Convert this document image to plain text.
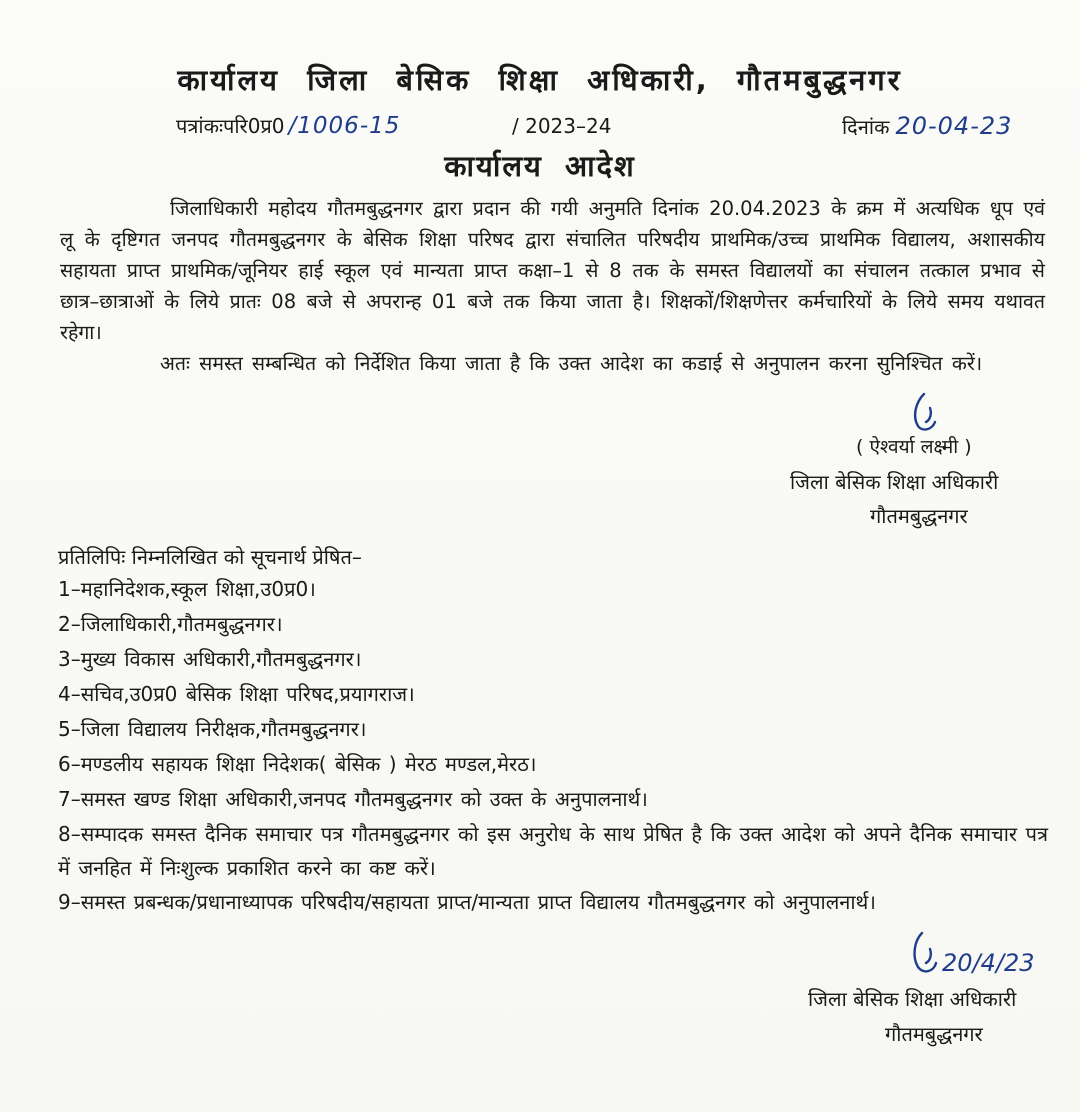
कार्यालय जिला बेसिक शिक्षा अधिकारी, गौतमबुद्धनगर
पत्रांकःपरि0प्र0 /1006-15	/ 2023–24	दिनांक 20-04-23
कार्यालय आदेश

जिलाधिकारी महोदय गौतमबुद्धनगर द्वारा प्रदान की गयी अनुमति दिनांक 20.04.2023 के क्रम में अत्यधिक धूप एवं लू के दृष्टिगत जनपद गौतमबुद्धनगर के बेसिक शिक्षा परिषद द्वारा संचालित परिषदीय प्राथमिक/उच्च प्राथमिक विद्यालय, अशासकीय सहायता प्राप्त प्राथमिक/जूनियर हाई स्कूल एवं मान्यता प्राप्त कक्षा–1 से 8 तक के समस्त विद्यालयों का संचालन तत्काल प्रभाव से छात्र–छात्राओं के लिये प्रातः 08 बजे से अपरान्ह 01 बजे तक किया जाता है। शिक्षकों/शिक्षणेत्तर कर्मचारियों के लिये समय यथावत रहेगा।

अतः समस्त सम्बन्धित को निर्देशित किया जाता है कि उक्त आदेश का कडाई से अनुपालन करना सुनिश्चित करें।

( ऐश्वर्या लक्ष्मी )
जिला बेसिक शिक्षा अधिकारी
गौतमबुद्धनगर
प्रतिलिपिः निम्नलिखित को सूचनार्थ प्रेषित–
1–महानिदेशक,स्कूल शिक्षा,उ0प्र0।
2–जिलाधिकारी,गौतमबुद्धनगर।
3–मुख्य विकास अधिकारी,गौतमबुद्धनगर।
4–सचिव,उ0प्र0 बेसिक शिक्षा परिषद,प्रयागराज।
5–जिला विद्यालय निरीक्षक,गौतमबुद्धनगर।
6–मण्डलीय सहायक शिक्षा निदेशक( बेसिक ) मेरठ मण्डल,मेरठ।
7–समस्त खण्ड शिक्षा अधिकारी,जनपद गौतमबुद्धनगर को उक्त के अनुपालनार्थ।
8–सम्पादक समस्त दैनिक समाचार पत्र गौतमबुद्धनगर को इस अनुरोध के साथ प्रेषित है कि उक्त आदेश को अपने दैनिक समाचार पत्र में जनहित में निःशुल्क प्रकाशित करने का कष्ट करें।
9–समस्त प्रबन्धक/प्रधानाध्यापक परिषदीय/सहायता प्राप्त/मान्यता प्राप्त विद्यालय गौतमबुद्धनगर को अनुपालनार्थ।
20/4/23
जिला बेसिक शिक्षा अधिकारी
गौतमबुद्धनगर
